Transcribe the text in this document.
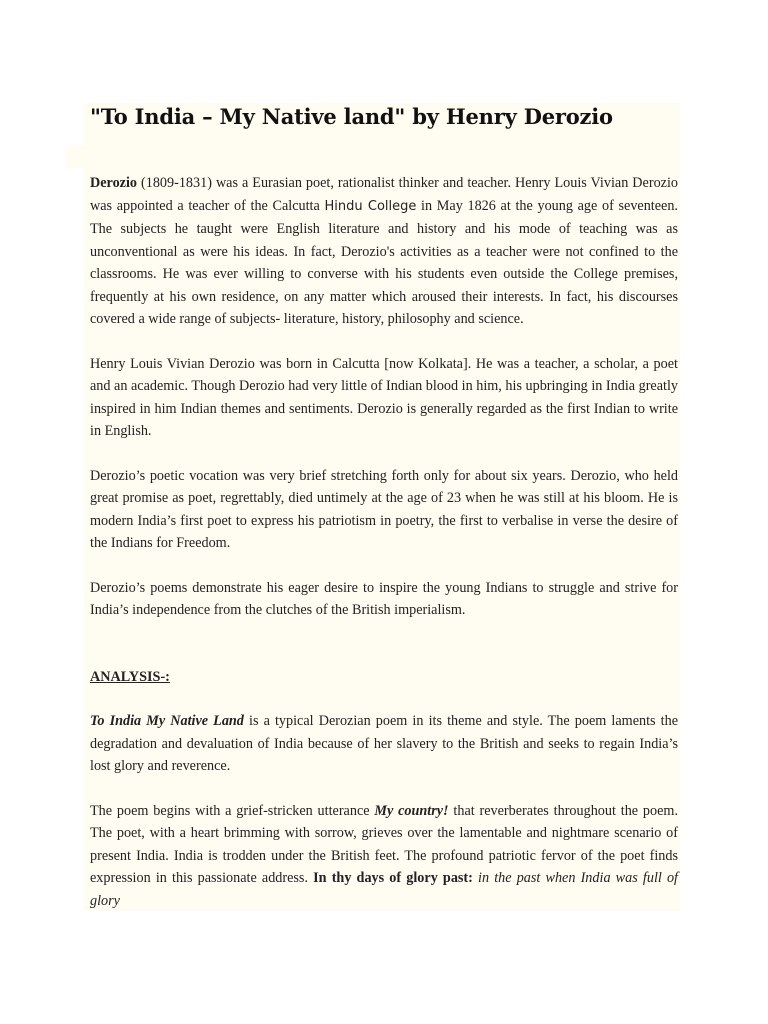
"To India – My Native land" by Henry Derozio

Derozio (1809-1831) was a Eurasian poet, rationalist thinker and teacher. Henry Louis Vivian Derozio was appointed a teacher of the Calcutta Hindu College in May 1826 at the young age of seventeen. The subjects he taught were English literature and history and his mode of teaching was as unconventional as were his ideas. In fact, Derozio's activities as a teacher were not confined to the classrooms. He was ever willing to converse with his students even outside the College premises, frequently at his own residence, on any matter which aroused their interests. In fact, his discourses covered a wide range of subjects- literature, history, philosophy and science.

Henry Louis Vivian Derozio was born in Calcutta [now Kolkata]. He was a teacher, a scholar, a poet and an academic. Though Derozio had very little of Indian blood in him, his upbringing in India greatly inspired in him Indian themes and sentiments. Derozio is generally regarded as the first Indian to write in English.

Derozio’s poetic vocation was very brief stretching forth only for about six years. Derozio, who held great promise as poet, regrettably, died untimely at the age of 23 when he was still at his bloom. He is modern India’s first poet to express his patriotism in poetry, the first to verbalise in verse the desire of the Indians for Freedom.

Derozio’s poems demonstrate his eager desire to inspire the young Indians to struggle and strive for India’s independence from the clutches of the British imperialism.

ANALYSIS-:

To India My Native Land is a typical Derozian poem in its theme and style. The poem laments the degradation and devaluation of India because of her slavery to the British and seeks to regain India’s lost glory and reverence.

The poem begins with a grief-stricken utterance My country! that reverberates throughout the poem. The poet, with a heart brimming with sorrow, grieves over the lamentable and nightmare scenario of present India. India is trodden under the British feet. The profound patriotic fervor of the poet finds expression in this passionate address. In thy days of glory past: in the past when India was full of glory
